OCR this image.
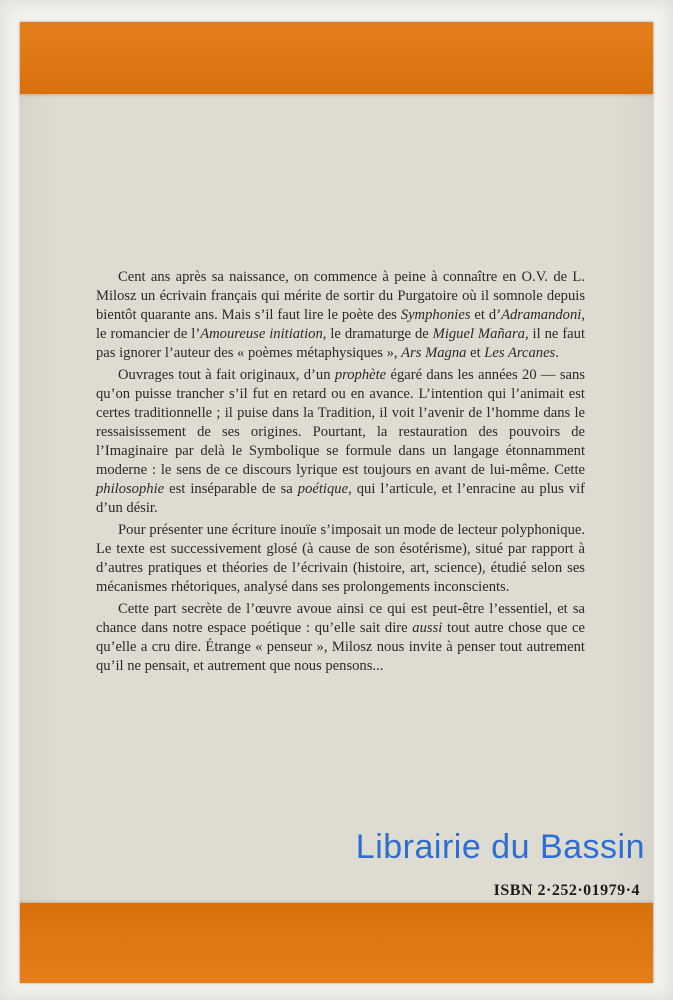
Cent ans après sa naissance, on commence à peine à connaître en O.V. de L. Milosz un écrivain français qui mérite de sortir du Purgatoire où il somnole depuis bientôt quarante ans. Mais s’il faut lire le poète des Symphonies et d’Adramandoni, le romancier de l’Amoureuse initiation, le dramaturge de Miguel Mañara, il ne faut pas ignorer l’auteur des « poèmes métaphysiques », Ars Magna et Les Arcanes.

Ouvrages tout à fait originaux, d’un prophète égaré dans les années 20 — sans qu’on puisse trancher s’il fut en retard ou en avance. L’intention qui l’animait est certes traditionnelle ; il puise dans la Tradition, il voit l’avenir de l’homme dans le ressaisissement de ses origines. Pourtant, la restauration des pouvoirs de l’Imaginaire par delà le Symbolique se formule dans un langage étonnamment moderne : le sens de ce discours lyrique est toujours en avant de lui-même. Cette philosophie est inséparable de sa poétique, qui l’articule, et l’enracine au plus vif d’un désir.

Pour présenter une écriture inouïe s’imposait un mode de lecteur polyphonique. Le texte est successivement glosé (à cause de son ésotérisme), situé par rapport à d’autres pratiques et théories de l’écrivain (histoire, art, science), étudié selon ses mécanismes rhétoriques, analysé dans ses prolongements inconscients.

Cette part secrète de l’œuvre avoue ainsi ce qui est peut-être l’essentiel, et sa chance dans notre espace poétique : qu’elle sait dire aussi tout autre chose que ce qu’elle a cru dire. Étrange « penseur », Milosz nous invite à penser tout autrement qu’il ne pensait, et autrement que nous pensons...

Librairie du Bassin
ISBN 2·252·01979·4
